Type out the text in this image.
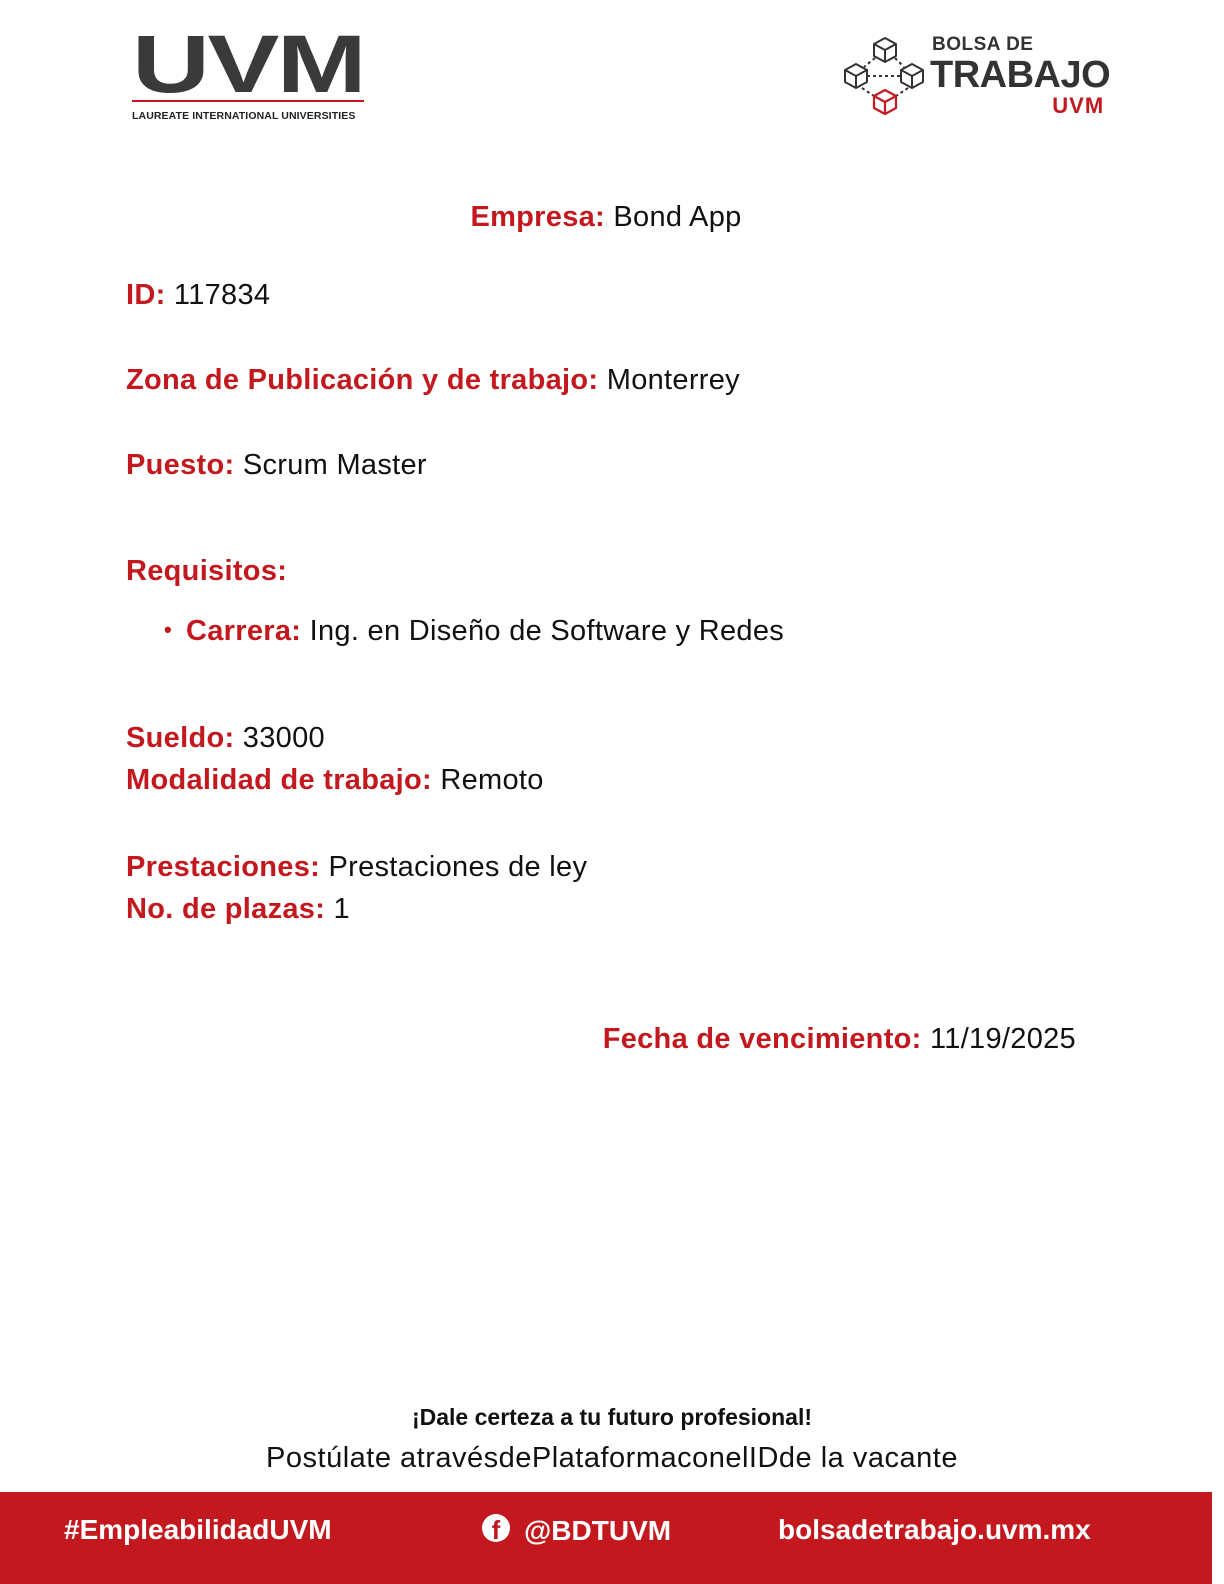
UVM
LAUREATE INTERNATIONAL UNIVERSITIES
BOLSA DE
TRABAJO
UVM
Empresa: Bond App
ID: 117834
Zona de Publicación y de trabajo: Monterrey
Puesto: Scrum Master
Requisitos:
• Carrera: Ing. en Diseño de Software y Redes
Sueldo: 33000
Modalidad de trabajo: Remoto
Prestaciones: Prestaciones de ley
No. de plazas: 1
Fecha de vencimiento: 11/19/2025
¡Dale certeza a tu futuro profesional!
Postúlate atravésdePlataformaconelIDde la vacante
#EmpleabilidadUVM	f @BDTUVM	bolsadetrabajo.uvm.mx
